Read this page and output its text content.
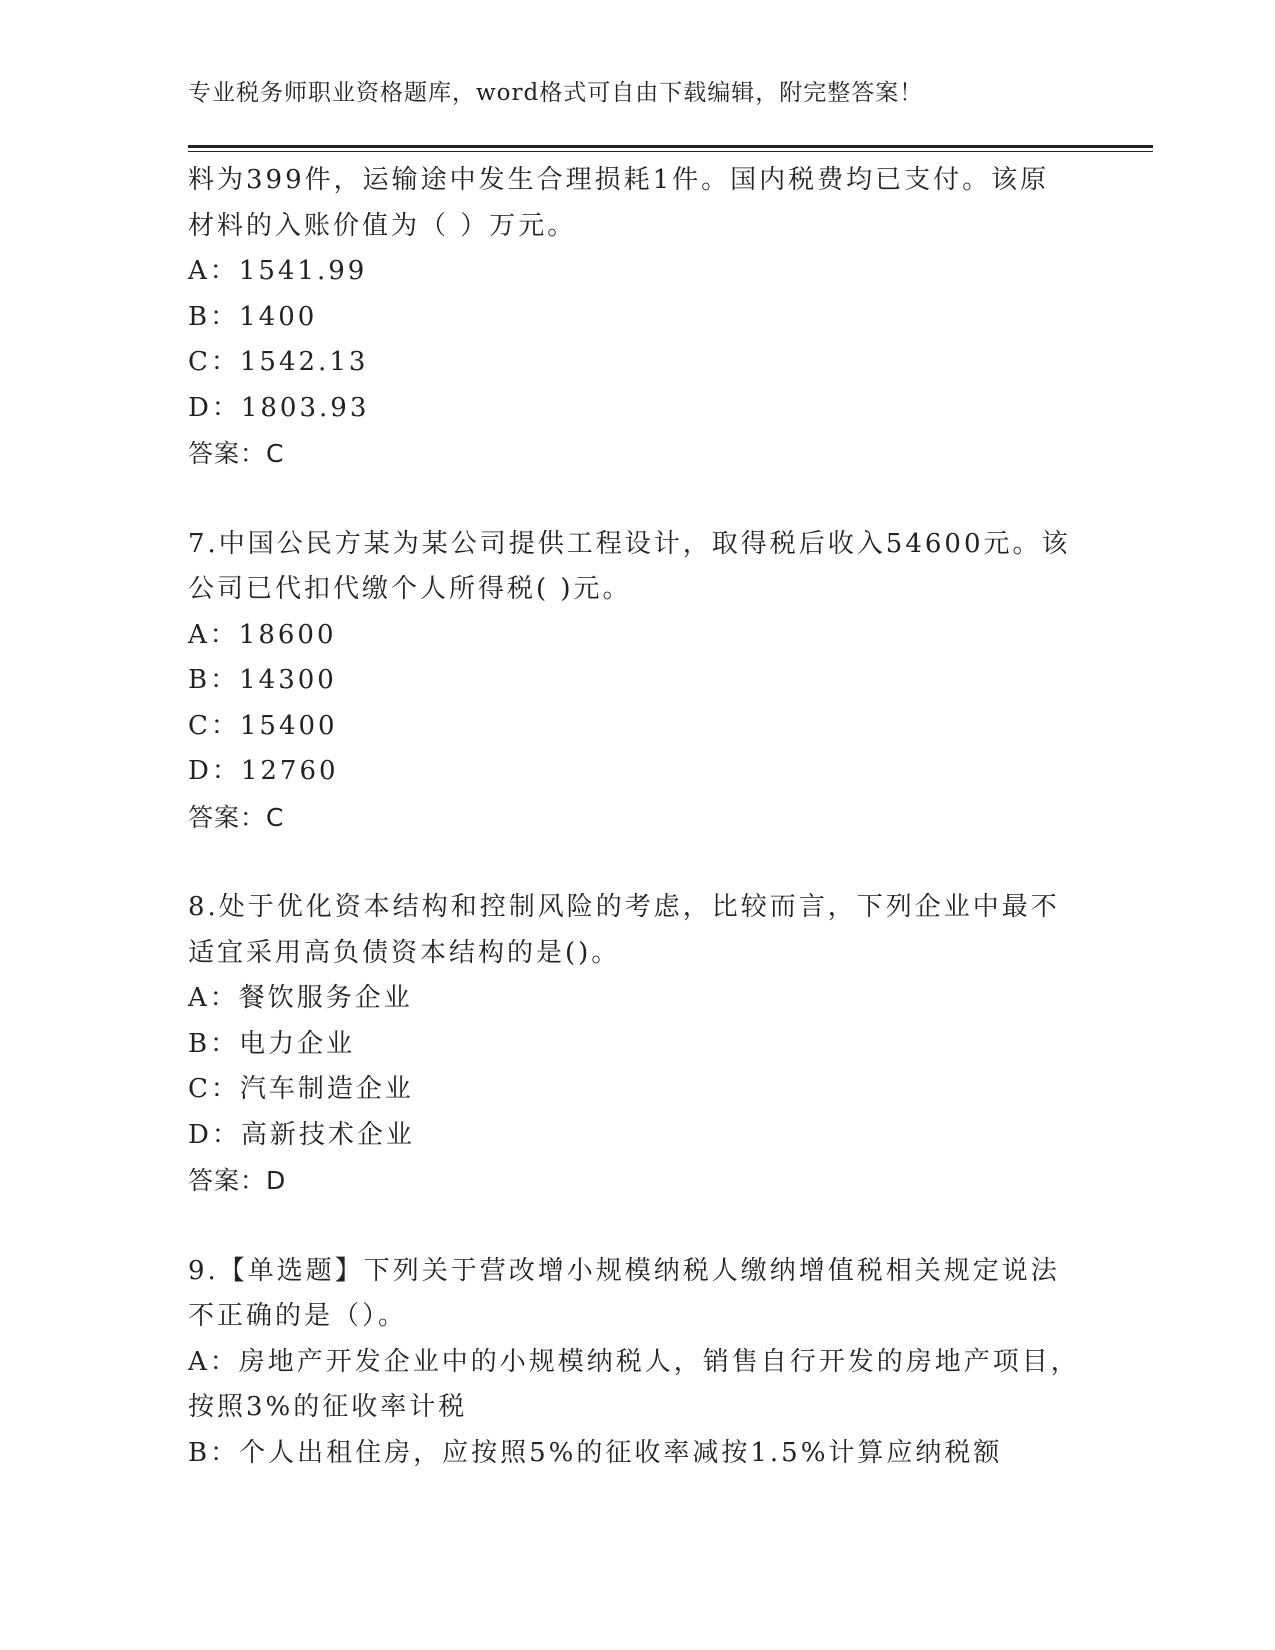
专业税务师职业资格题库，word格式可自由下载编辑，附完整答案！
料为399件，运输途中发生合理损耗1件。国内税费均已支付。该原
材料的入账价值为（ ）万元。
A：1541.99
B：1400
C：1542.13
D：1803.93
答案：C
7.中国公民方某为某公司提供工程设计，取得税后收入54600元。该
公司已代扣代缴个人所得税( )元。
A：18600
B：14300
C：15400
D：12760
答案：C
8.处于优化资本结构和控制风险的考虑，比较而言，下列企业中最不
适宜采用高负债资本结构的是()。
A：餐饮服务企业
B：电力企业
C：汽车制造企业
D：高新技术企业
答案：D
9.【单选题】下列关于营改增小规模纳税人缴纳增值税相关规定说法
不正确的是（）。
A：房地产开发企业中的小规模纳税人，销售自行开发的房地产项目，
按照3%的征收率计税
B：个人出租住房，应按照5%的征收率减按1.5%计算应纳税额
